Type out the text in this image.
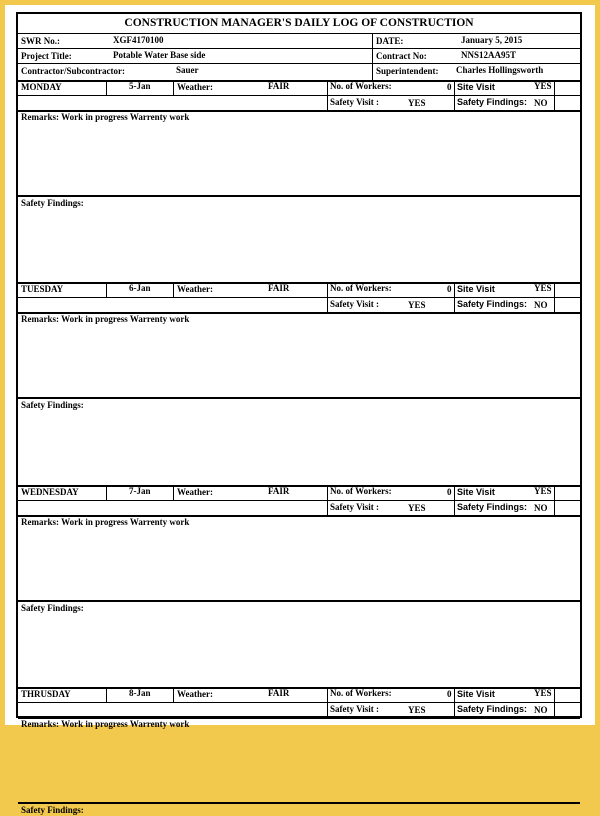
CONSTRUCTION MANAGER'S DAILY LOG OF CONSTRUCTION
SWR No.:	XGF4170100	DATE:	January 5, 2015
Project Title:	Potable Water Base side	Contract No:	NNS12AA95T
Contractor/Subcontractor:	Sauer	Superintendent: Charles Hollingsworth
MONDAY	5-Jan	Weather:	FAIR	No. of Workers:	0 Site Visit	YES
Safety Visit :	YES	Safety Findings: NO
Remarks: Work in progress Warrenty work
Safety Findings:
TUESDAY	6-Jan	Weather:	FAIR	No. of Workers:	0 Site Visit	YES
Safety Visit :	YES	Safety Findings: NO
Remarks: Work in progress Warrenty work
Safety Findings:
WEDNESDAY	7-Jan	Weather:	FAIR	No. of Workers:	0 Site Visit	YES
Safety Visit :	YES	Safety Findings: NO
Remarks: Work in progress Warrenty work
Safety Findings:
THRUSDAY	8-Jan	Weather:	FAIR	No. of Workers:	0 Site Visit	YES
Safety Visit :	YES	Safety Findings: NO
Remarks: Work in progress Warrenty work
Safety Findings:
